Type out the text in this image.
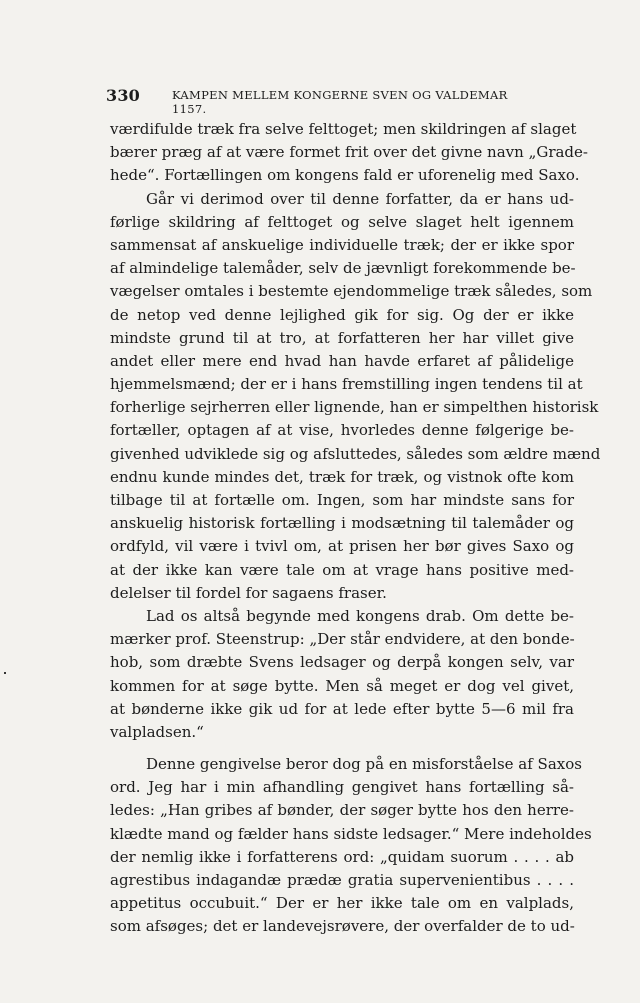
330	KAMPEN MELLEM KONGERNE SVEN OG VALDEMAR 1157.
værdifulde træk fra selve felttoget; men skildringen af slaget
bærer præg af at være formet frit over det givne navn „Grade-
hede“. Fortællingen om kongens fald er uforenelig med Saxo.
Går vi derimod over til denne forfatter, da er hans ud-
førlige skildring af felttoget og selve slaget helt igennem
sammensat af anskuelige individuelle træk; der er ikke spor
af almindelige talemåder, selv de jævnligt forekommende be-
vægelser omtales i bestemte ejendommelige træk således, som
de netop ved denne lejlighed gik for sig. Og der er ikke
mindste grund til at tro, at forfatteren her har villet give
andet eller mere end hvad han havde erfaret af pålidelige
hjemmelsmænd; der er i hans fremstilling ingen tendens til at
forherlige sejrherren eller lignende, han er simpelthen historisk
fortæller, optagen af at vise, hvorledes denne følgerige be-
givenhed udviklede sig og afsluttedes, således som ældre mænd
endnu kunde mindes det, træk for træk, og vistnok ofte kom
tilbage til at fortælle om. Ingen, som har mindste sans for
anskuelig historisk fortælling i modsætning til talemåder og
ordfyld, vil være i tvivl om, at prisen her bør gives Saxo og
at der ikke kan være tale om at vrage hans positive med-
delelser til fordel for sagaens fraser.
Lad os altså begynde med kongens drab. Om dette be-
mærker prof. Steenstrup: „Der står endvidere, at den bonde-
hob, som dræbte Svens ledsager og derpå kongen selv, var
kommen for at søge bytte. Men så meget er dog vel givet,
at bønderne ikke gik ud for at lede efter bytte 5—6 mil fra
valpladsen.“
Denne gengivelse beror dog på en misforståelse af Saxos
ord. Jeg har i min afhandling gengivet hans fortælling så-
ledes: „Han gribes af bønder, der søger bytte hos den herre-
klædte mand og fælder hans sidste ledsager.“ Mere indeholdes
der nemlig ikke i forfatterens ord: „quidam suorum . . . . ab
agrestibus indagandæ prædæ gratia supervenientibus . . . .
appetitus occubuit.“ Der er her ikke tale om en valplads,
som afsøges; det er landevejsrøvere, der overfalder de to ud-
